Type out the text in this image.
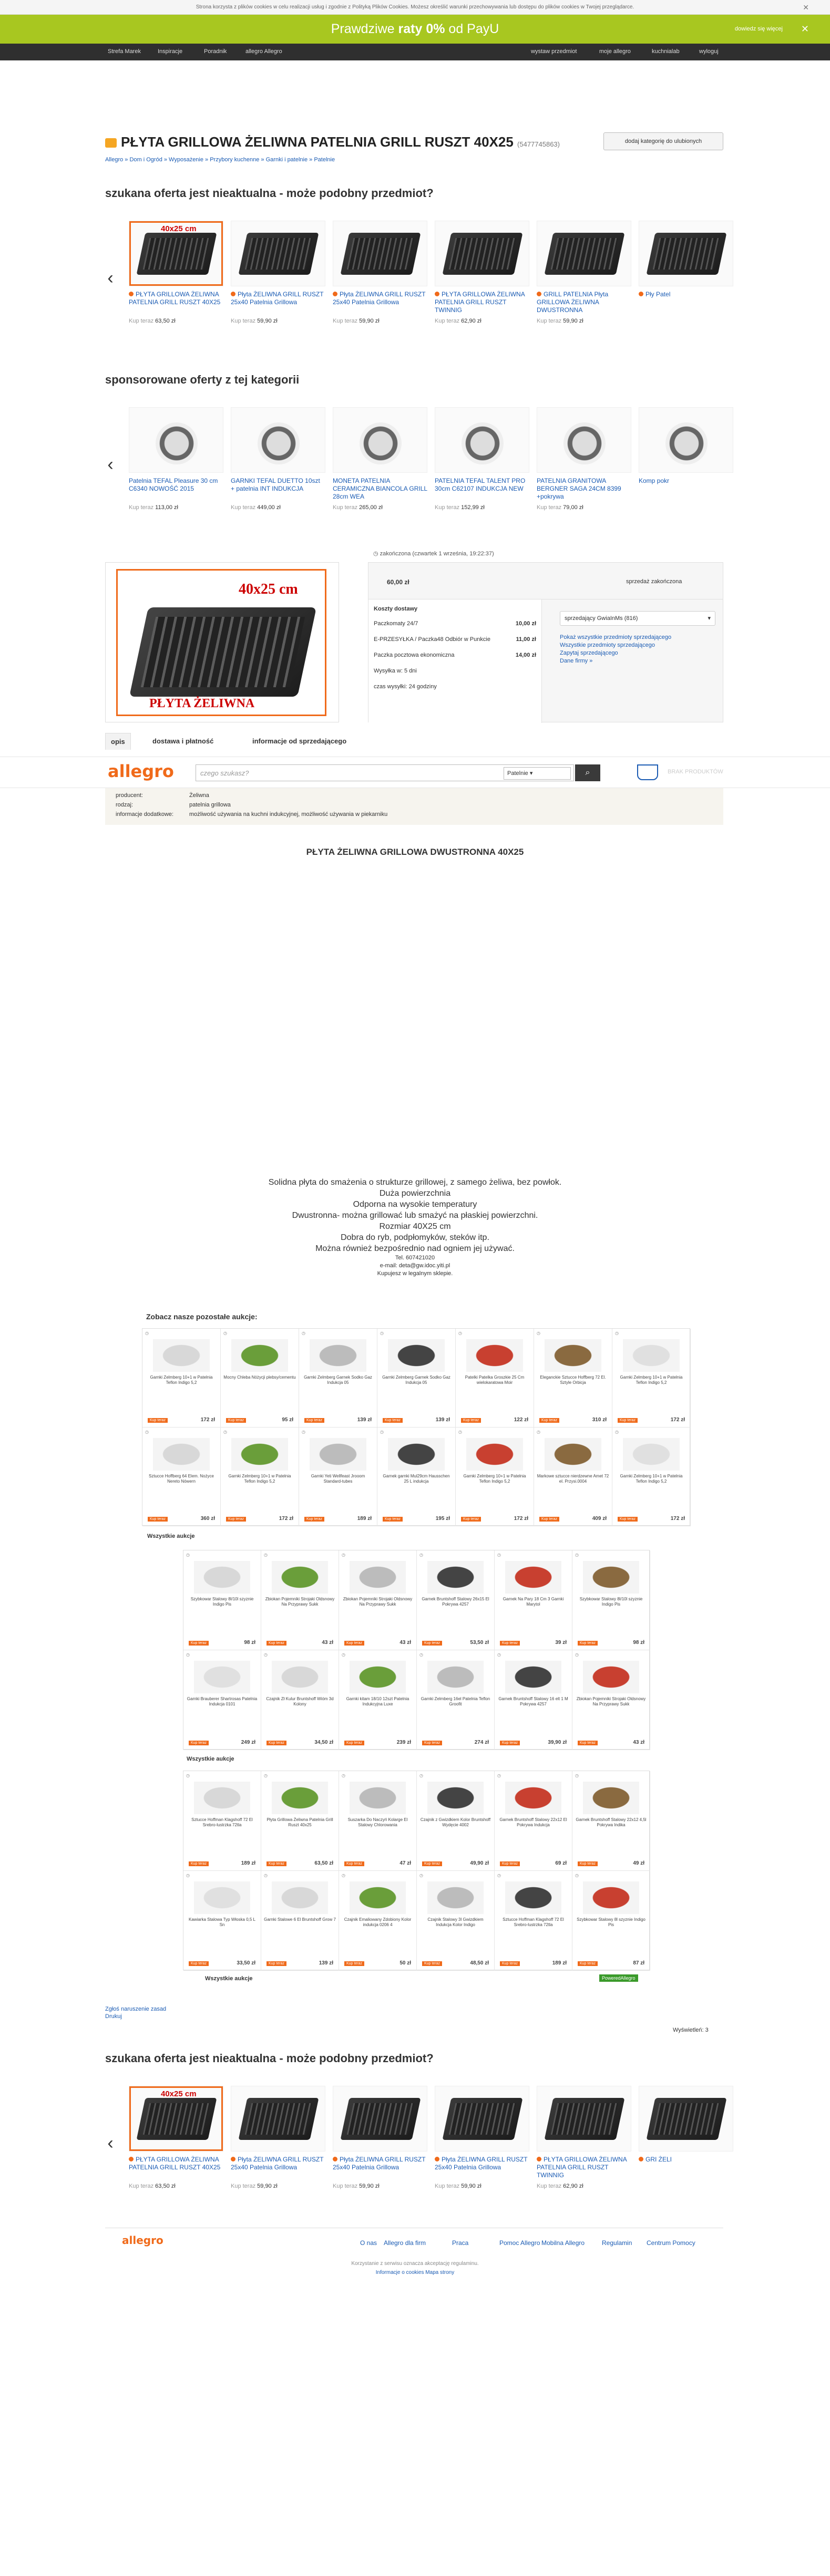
Strona korzysta z plików cookies w celu realizacji usług i zgodnie z Polityką Plików Cookies. Możesz określić warunki przechowywania lub dostępu do plików cookies w Twojej przeglądarce.	✕
Prawdziwe raty 0% od PayU	dowiedz się więcej ✕
Strefa Marek	Inspiracje	Poradnik	allegro Allegro	wystaw przedmiot	moje allegro	kuchnialab	wyloguj
PŁYTA GRILLOWA ŻELIWNA PATELNIA GRILL RUSZT 40X25 (5477745863)	dodaj kategorię do ulubionych
Allegro » Dom i Ogród » Wyposażenie » Przybory kuchenne » Garnki i patelnie » Patelnie
szukana oferta jest nieaktualna - może podobny przedmiot?
‹
40x25 cm
PŁYTA GRILLOWA ŻELIWNA PATELNIA GRILL RUSZT 40X25
Kup teraz 63,50 zł
Płyta ŻELIWNA GRILL RUSZT 25x40 Patelnia Grillowa
Kup teraz 59,90 zł
Płyta ŻELIWNA GRILL RUSZT 25x40 Patelnia Grillowa
Kup teraz 59,90 zł
PŁYTA GRILLOWA ŻELIWNA PATELNIA GRILL RUSZT TWINNIG
Kup teraz 62,90 zł
GRILL PATELNIA Płyta GRILLOWA ŻELIWNA DWUSTRONNA
Kup teraz 59,90 zł
Pły Patel
sponsorowane oferty z tej kategorii
‹
Patelnia TEFAL Pleasure 30 cm C6340 NOWOŚĆ 2015
Kup teraz 113,00 zł
GARNKI TEFAL DUETTO 10szt + patelnia INT INDUKCJA
Kup teraz 449,00 zł
MONETA PATELNIA CERAMICZNA BIANCOLA GRILL 28cm WEA
Kup teraz 265,00 zł
PATELNIA TEFAL TALENT PRO 30cm C62107 INDUKCJA NEW
Kup teraz 152,99 zł
PATELNIA GRANITOWA BERGNER SAGA 24CM 8399 +pokrywa
Kup teraz 79,00 zł
Komp pokr
◷ zakończona (czwartek 1 września, 19:22:37)
40x25 cm
PŁYTA ŻELIWNA
60,00 zł	sprzedaż zakończona
Koszty dostawy
Paczkomaty 24/7	10,00 zł
E-PRZESYŁKA / Paczka48 Odbiór w Punkcie	11,00 zł
Paczka pocztowa ekonomiczna	14,00 zł
Wysyłka w: 5 dni
czas wysyłki: 24 godziny
sprzedający GwiaInMs (816)	▾
Pokaż wszystkie przedmioty sprzedającego
Wszystkie przedmioty sprzedającego
Zapytaj sprzedającego
Dane firmy »
opis	dostawa i płatność	informacje od sprzedającego
allegro	czego szukasz?	Patelnie ▾	⌕	BRAK PRODUKTÓW
producent:	Żeliwna
rodzaj:	patelnia grillowa
informacje dodatkowe:	możliwość używania na kuchni indukcyjnej, możliwość używania w piekarniku
PŁYTA ŻELIWNA GRILLOWA DWUSTRONNA 40X25
Solidna płyta do smażenia o strukturze grillowej, z samego żeliwa, bez powłok.
Duża powierzchnia
Odporna na wysokie temperatury
Dwustronna- można grillować lub smażyć na płaskiej powierzchni.
Rozmiar 40X25 cm
Dobra do ryb, podpłomyków, steków itp.
Można również bezpośrednio nad ogniem jej używać.
Tel. 607421020
e-mail: deta@gw.idoc.yiti.pl
Kupujesz w legalnym sklepie.
Zobacz nasze pozostałe aukcje:
◷
Garnki Zelmberg 10+1 w Patelnia Teflon Indigo 5,2
Kup teraz	172 zł
◷
Mocny Chleba Nóżycji plebsy/cementu
Kup teraz	95 zł
◷
Garnki Zelmberg Garnek Sodko Gaz Indukcja 05
Kup teraz	139 zł
◷
Garnki Zelmberg Garnek Sodko Gaz Indukcja 05
Kup teraz	139 zł
◷
Patelki Patelka Groszkie 25 Cm wielokaratowa Moir
Kup teraz	122 zł
◷
Eleganckie Sztucce Hoffberg 72 El. Sztyle Orbicja
Kup teraz	310 zł
◷
Garnki Zelmberg 10+1 w Patelnia Teflon Indigo 5,2
Kup teraz	172 zł
◷
Sztucce Hoffberg 64 Elem. Nożyce Nereto Nówern
Kup teraz	360 zł
◷
Garnki Zelmberg 10+1 w Patelnia Teflon Indigo 5,2
Kup teraz	172 zł
◷
Garnki Yeti Wellfeast Jrooom Standard-tubes
Kup teraz	189 zł
◷
Garnek garnki Mul29cm Hausschen 25 L indukcja
Kup teraz	195 zł
◷
Garnki Zelmberg 10+1 w Patelnia Teflon Indigo 5,2
Kup teraz	172 zł
◷
Markowe sztucce nierdzewne Amet 72 el. Przysi.0004
Kup teraz	409 zł
◷
Garnki Zelmberg 10+1 w Patelnia Teflon Indigo 5,2
Kup teraz	172 zł
Wszystkie aukcje
◷
Szybkowar Stalowy 8l/10l szyznie Indigo Pis
Kup teraz	98 zł
◷
Zbiokan Pojemniki Strojaki Oldsnowy Na Przyprawy Sukk
Kup teraz	43 zł
◷
Zbiokan Pojemniki Strojaki Oldsnowy Na Przyprawy Sukk
Kup teraz	43 zł
◷
Garnek Bruntshoff Stalowy 26x15 El Pokrywa 4257
Kup teraz	53,50 zł
◷
Garnek Na Pary 18 Cm 3 Garnki Marytol
Kup teraz	39 zł
◷
Szybkowar Stalowy 8l/10l szyznie Indigo Pis
Kup teraz	98 zł
◷
Garnki Brauberer Shartrosas Patelnia Indukcja 0101
Kup teraz	249 zł
◷
Czajnik Zł Kulur Bruntshoff Wióm 3d Kolony
Kup teraz	34,50 zł
◷
Garnki kitam 18/10 12szt Patelnia Indukcyjna Luxe
Kup teraz	239 zł
◷
Garnki Zelmberg 16el Patelnia Teflon Groofit
Kup teraz	274 zł
◷
Garnek Bruntshoff Stalowy 16 elt 1 M Pokrywa 4257
Kup teraz	39,90 zł
◷
Zbiokan Pojemniki Strojaki Oldsnowy Na Przyprawy Sukk
Kup teraz	43 zł
Wszystkie aukcje
◷
Sztucce Hoffman Klagshoff 72 El Srebro-lustrzka 72tla
Kup teraz	189 zł
◷
Płyta Grillowa Żeliwna Patelnia Grill Ruszt 40x25
Kup teraz	63,50 zł
◷
Suszarka Do Naczyń Kolarge El Stalowy Chlorowania
Kup teraz	47 zł
◷
Czajnik z Gwizdkiem Kolor Bruntshoff Wydęcie 4002
Kup teraz	49,90 zł
◷
Garnek Bruntshoff Stalowy 22x12 El Pokrywa Indukcja
Kup teraz	69 zł
◷
Garnek Bruntshoff Stalowy 22x12 4,5l Pokrywa Indika
Kup teraz	49 zł
◷
Kawiarka Stalowa Typ Włoska 0,5 L Sn
Kup teraz	33,50 zł
◷
Garnki Stalowe 6 El Bruntshoff Grow 7
Kup teraz	139 zł
◷
Czajnik Emaliowany Zdobiony Kolor indukcja 0206 4
Kup teraz	50 zł
◷
Czajnik Stalowy 3l Gwizdkiem Indukcja Kolor Indigo
Kup teraz	48,50 zł
◷
Sztucce Hoffman Klagshoff 72 El Srebro-lustrzka 72tla
Kup teraz	189 zł
◷
Szybkowar Stalowy 8l szyznie Indigo Pis
Kup teraz	87 zł
Wszystkie aukcje	PoweredAllegro
Zgłoś naruszenie zasad
Drukuj
Wyświetleń: 3
szukana oferta jest nieaktualna - może podobny przedmiot?
‹
40x25 cm
PŁYTA GRILLOWA ŻELIWNA PATELNIA GRILL RUSZT 40X25
Kup teraz 63,50 zł
Płyta ŻELIWNA GRILL RUSZT 25x40 Patelnia Grillowa
Kup teraz 59,90 zł
Płyta ŻELIWNA GRILL RUSZT 25x40 Patelnia Grillowa
Kup teraz 59,90 zł
Płyta ŻELIWNA GRILL RUSZT 25x40 Patelnia Grillowa
Kup teraz 59,90 zł
PŁYTA GRILLOWA ŻELIWNA PATELNIA GRILL RUSZT TWINNIG
Kup teraz 62,90 zł
GRI ŻELI
allegro	O nas Allegro dla firm	Praca	Pomoc Allegro Mobilna Allegro	Regulamin Centrum Pomocy
Korzystanie z serwisu oznacza akceptację regulaminu.
Informacje o cookies Mapa strony
